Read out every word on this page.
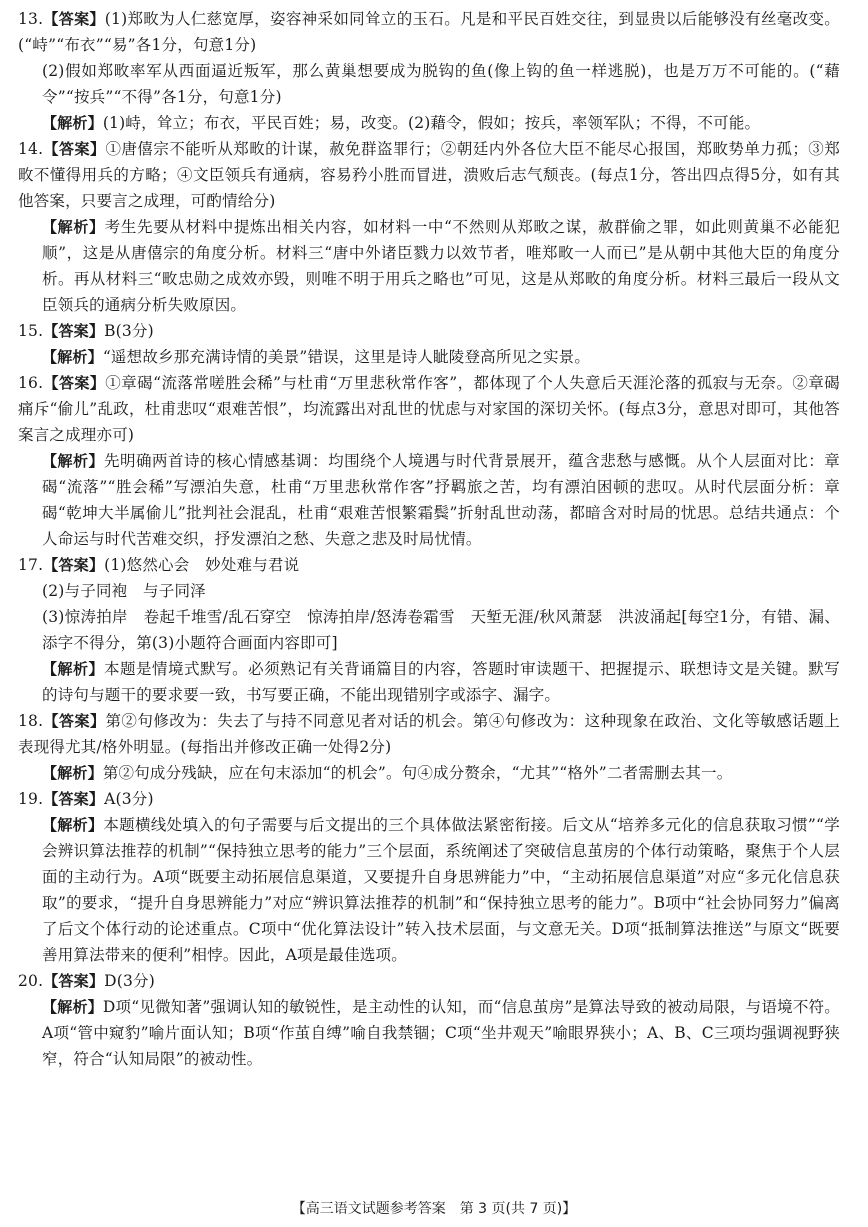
13.【答案】(1)郑畋为人仁慈宽厚，姿容神采如同耸立的玉石。凡是和平民百姓交往，到显贵以后能够没有丝毫改变。(“峙”“布衣”“易”各1分，句意1分)

(2)假如郑畋率军从西面逼近叛军，那么黄巢想要成为脱钩的鱼(像上钩的鱼一样逃脱)，也是万万不可能的。(“藉令”“按兵”“不得”各1分，句意1分)

【解析】(1)峙，耸立；布衣，平民百姓；易，改变。(2)藉令，假如；按兵，率领军队；不得，不可能。

14.【答案】①唐僖宗不能听从郑畋的计谋，赦免群盗罪行；②朝廷内外各位大臣不能尽心报国，郑畋势单力孤；③郑畋不懂得用兵的方略；④文臣领兵有通病，容易矜小胜而冒进，溃败后志气颓丧。(每点1分，答出四点得5分，如有其他答案，只要言之成理，可酌情给分)

【解析】考生先要从材料中提炼出相关内容，如材料一中“不然则从郑畋之谋，赦群偷之罪，如此则黄巢不必能犯顺”，这是从唐僖宗的角度分析。材料三“唐中外诸臣戮力以效节者，唯郑畋一人而已”是从朝中其他大臣的角度分析。再从材料三“畋忠勋之成效亦毁，则唯不明于用兵之略也”可见，这是从郑畋的角度分析。材料三最后一段从文臣领兵的通病分析失败原因。

15.【答案】B(3分)

【解析】“遥想故乡那充满诗情的美景”错误，这里是诗人眦陵登高所见之实景。

16.【答案】①章碣“流落常嗟胜会稀”与杜甫“万里悲秋常作客”，都体现了个人失意后天涯沦落的孤寂与无奈。②章碣痛斥“偷儿”乱政，杜甫悲叹“艰难苦恨”，均流露出对乱世的忧虑与对家国的深切关怀。(每点3分，意思对即可，其他答案言之成理亦可)

【解析】先明确两首诗的核心情感基调：均围绕个人境遇与时代背景展开，蕴含悲愁与感慨。从个人层面对比：章碣“流落”“胜会稀”写漂泊失意，杜甫“万里悲秋常作客”抒羁旅之苦，均有漂泊困顿的悲叹。从时代层面分析：章碣“乾坤大半属偷儿”批判社会混乱，杜甫“艰难苦恨繁霜鬓”折射乱世动荡，都暗含对时局的忧思。总结共通点：个人命运与时代苦难交织，抒发漂泊之愁、失意之悲及时局忧情。

17.【答案】(1)悠然心会　妙处难与君说

(2)与子同袍　与子同泽

(3)惊涛拍岸　卷起千堆雪/乱石穿空　惊涛拍岸/怒涛卷霜雪　天堑无涯/秋风萧瑟　洪波涌起[每空1分，有错、漏、添字不得分，第(3)小题符合画面内容即可]

【解析】本题是情境式默写。必须熟记有关背诵篇目的内容，答题时审读题干、把握提示、联想诗文是关键。默写的诗句与题干的要求要一致，书写要正确，不能出现错别字或添字、漏字。

18.【答案】第②句修改为：失去了与持不同意见者对话的机会。第④句修改为：这种现象在政治、文化等敏感话题上表现得尤其/格外明显。(每指出并修改正确一处得2分)

【解析】第②句成分残缺，应在句末添加“的机会”。句④成分赘余，“尤其”“格外”二者需删去其一。

19.【答案】A(3分)

【解析】本题横线处填入的句子需要与后文提出的三个具体做法紧密衔接。后文从“培养多元化的信息获取习惯”“学会辨识算法推荐的机制”“保持独立思考的能力”三个层面，系统阐述了突破信息茧房的个体行动策略，聚焦于个人层面的主动行为。A项“既要主动拓展信息渠道，又要提升自身思辨能力”中，“主动拓展信息渠道”对应“多元化信息获取”的要求，“提升自身思辨能力”对应“辨识算法推荐的机制”和“保持独立思考的能力”。B项中“社会协同努力”偏离了后文个体行动的论述重点。C项中“优化算法设计”转入技术层面，与文意无关。D项“抵制算法推送”与原文“既要善用算法带来的便利”相悖。因此，A项是最佳选项。

20.【答案】D(3分)

【解析】D项“见微知著”强调认知的敏锐性，是主动性的认知，而“信息茧房”是算法导致的被动局限，与语境不符。A项“管中窥豹”喻片面认知；B项“作茧自缚”喻自我禁锢；C项“坐井观天”喻眼界狭小；A、B、C三项均强调视野狭窄，符合“认知局限”的被动性。

【高三语文试题参考答案　第 3 页(共 7 页)】
